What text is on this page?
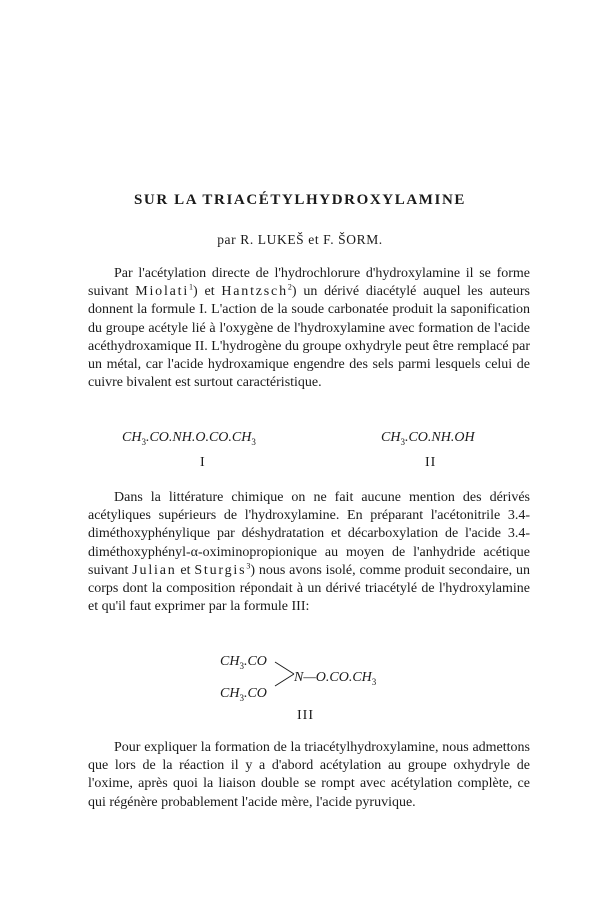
SUR LA TRIACÉTYLHYDROXYLAMINE
par R. LUKEŠ et F. ŠORM.

Par l'acétylation directe de l'hydrochlorure d'hydroxylamine il se forme suivant Miolati$^1$) et Hantzsch$^2$) un dérivé diacétylé auquel les auteurs donnent la formule I. L'action de la soude carbonatée produit la saponification du groupe acétyle lié à l'oxygène de l'hydroxylamine avec formation de l'acide acéthydroxamique II. L'hydrogène du groupe oxhydryle peut être remplacé par un métal, car l'acide hydroxamique engendre des sels parmi lesquels celui de cuivre bivalent est surtout caractéristique.

$CH_3.CO.NH.O.CO.CH_3$
I
$CH_3.CO.NH.OH$
II

Dans la littérature chimique on ne fait aucune mention des dérivés acétyliques supérieurs de l'hydroxylamine. En préparant l'acétonitrile 3.4-diméthoxyphénylique par déshydratation et décarboxylation de l'acide 3.4-diméthoxyphényl-α-oximinopropionique au moyen de l'anhydride acétique suivant Julian et Sturgis$^3$) nous avons isolé, comme produit secondaire, un corps dont la composition répondait à un dérivé triacétylé de l'hydroxylamine et qu'il faut exprimer par la formule III:

$CH_3.CO$
$CH_3.CO$
$N—O.CO.CH_3$
III

Pour expliquer la formation de la triacétylhydroxylamine, nous admettons que lors de la réaction il y a d'abord acétylation au groupe oxhydryle de l'oxime, après quoi la liaison double se rompt avec acétylation complète, ce qui régénère probablement l'acide mère, l'acide pyruvique.
